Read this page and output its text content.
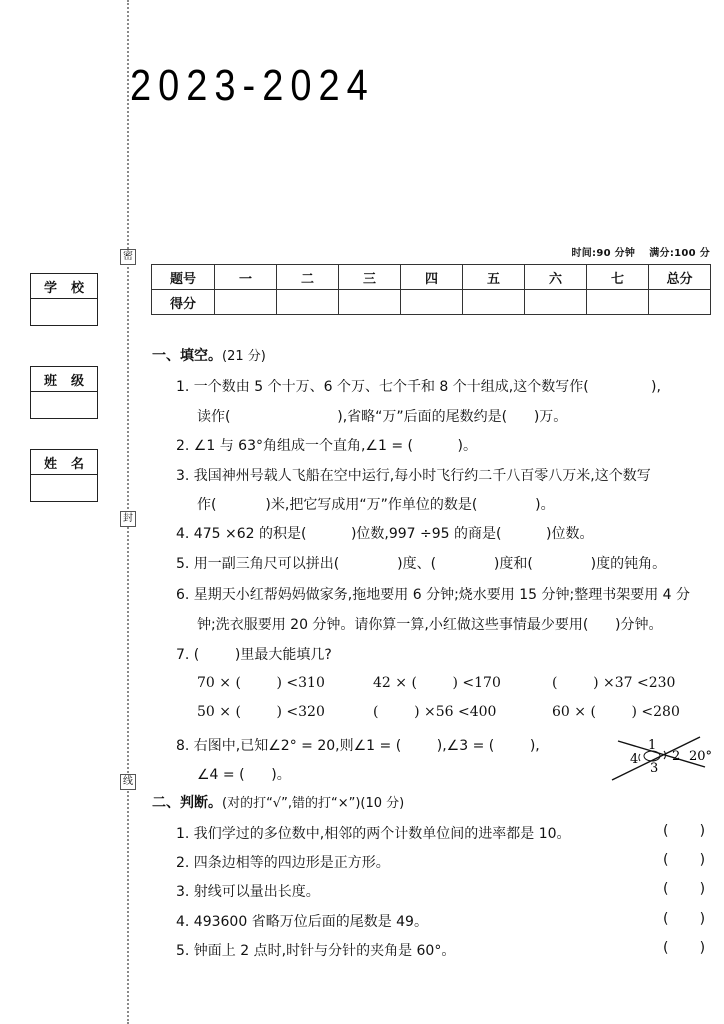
密
封
线
2023-2024
学 校
班 级
姓 名
时间:90 分钟 满分:100 分
题号	一	二	三	四	五	六	七	总分
得分								
一、填空。(21 分)
1. 一个数由 5 个十万、6 个万、七个千和 8 个十组成,这个数写作(              ),
读作(                        ),省略“万”后面的尾数约是(      )万。
2. ∠1 与 63°角组成一个直角,∠1 = (          )。
3. 我国神州号载人飞船在空中运行,每小时飞行约二千八百零八万米,这个数写
作(           )米,把它写成用“万”作单位的数是(             )。
4. 475 ×62 的积是(          )位数,997 ÷95 的商是(          )位数。
5. 用一副三角尺可以拼出(             )度、(             )度和(             )度的钝角。
6. 星期天小红帮妈妈做家务,拖地要用 6 分钟;烧水要用 15 分钟;整理书架要用 4 分
钟;洗衣服要用 20 分钟。请你算一算,小红做这些事情最少要用(      )分钟。
7. (        )里最大能填几?
70 × (        ) <310	42 × (        ) <170	(        ) ×37 <230
50 × (        ) <320	(        ) ×56 <400	60 × (        ) <280
8. 右图中,已知∠2° = 20,则∠1 = (        ),∠3 = (        ),
∠4 = (      )。
1
2
3
4	20°
二、判断。(对的打“√”,错的打“×”)(10 分)
1. 我们学过的多位数中,相邻的两个计数单位间的进率都是 10。	(       )
2. 四条边相等的四边形是正方形。	(       )
3. 射线可以量出长度。	(       )
4. 493600 省略万位后面的尾数是 49。	(       )
5. 钟面上 2 点时,时针与分针的夹角是 60°。	(       )
